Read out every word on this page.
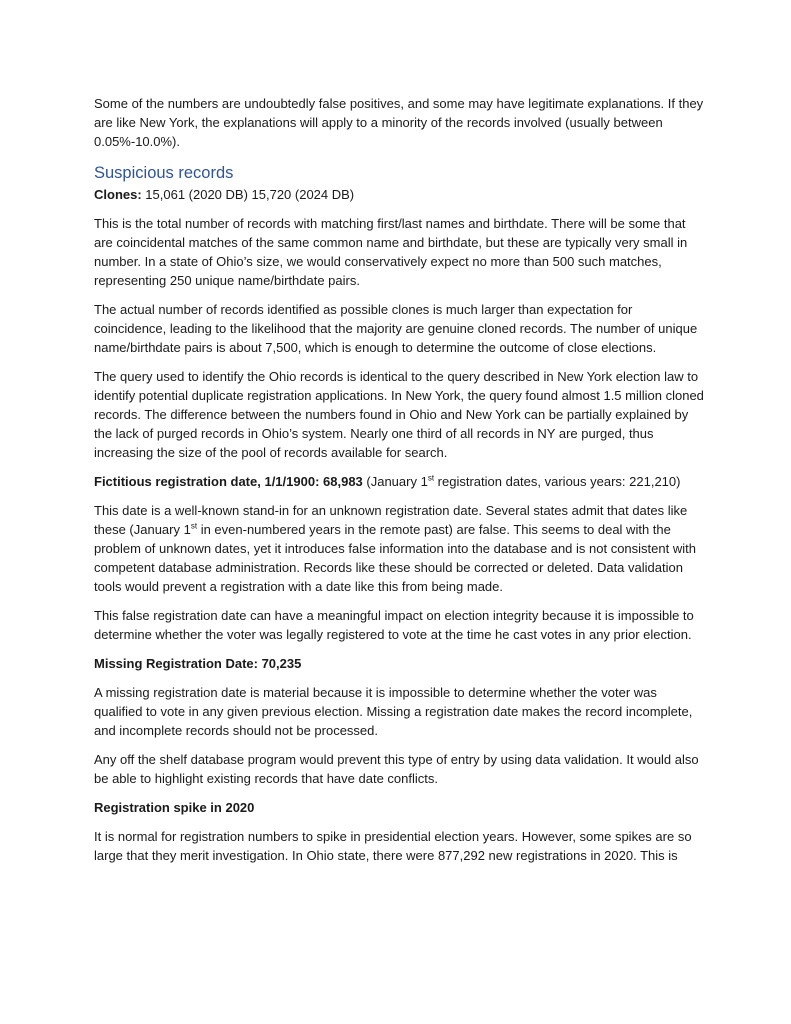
Some of the numbers are undoubtedly false positives, and some may have legitimate explanations. If they are like New York, the explanations will apply to a minority of the records involved (usually between 0.05%-10.0%).

Suspicious records

Clones: 15,061 (2020 DB) 15,720 (2024 DB)

This is the total number of records with matching first/last names and birthdate. There will be some that are coincidental matches of the same common name and birthdate, but these are typically very small in number. In a state of Ohio’s size, we would conservatively expect no more than 500 such matches, representing 250 unique name/birthdate pairs.

The actual number of records identified as possible clones is much larger than expectation for coincidence, leading to the likelihood that the majority are genuine cloned records. The number of unique name/birthdate pairs is about 7,500, which is enough to determine the outcome of close elections.

The query used to identify the Ohio records is identical to the query described in New York election law to identify potential duplicate registration applications. In New York, the query found almost 1.5 million cloned records. The difference between the numbers found in Ohio and New York can be partially explained by the lack of purged records in Ohio’s system. Nearly one third of all records in NY are purged, thus increasing the size of the pool of records available for search.

Fictitious registration date, 1/1/1900: 68,983 (January 1st registration dates, various years: 221,210)

This date is a well-known stand-in for an unknown registration date. Several states admit that dates like these (January 1st in even-numbered years in the remote past) are false. This seems to deal with the problem of unknown dates, yet it introduces false information into the database and is not consistent with competent database administration. Records like these should be corrected or deleted. Data validation tools would prevent a registration with a date like this from being made.

This false registration date can have a meaningful impact on election integrity because it is impossible to determine whether the voter was legally registered to vote at the time he cast votes in any prior election.

Missing Registration Date: 70,235

A missing registration date is material because it is impossible to determine whether the voter was qualified to vote in any given previous election. Missing a registration date makes the record incomplete, and incomplete records should not be processed.

Any off the shelf database program would prevent this type of entry by using data validation. It would also be able to highlight existing records that have date conflicts.

Registration spike in 2020

It is normal for registration numbers to spike in presidential election years. However, some spikes are so large that they merit investigation. In Ohio state, there were 877,292 new registrations in 2020. This is
